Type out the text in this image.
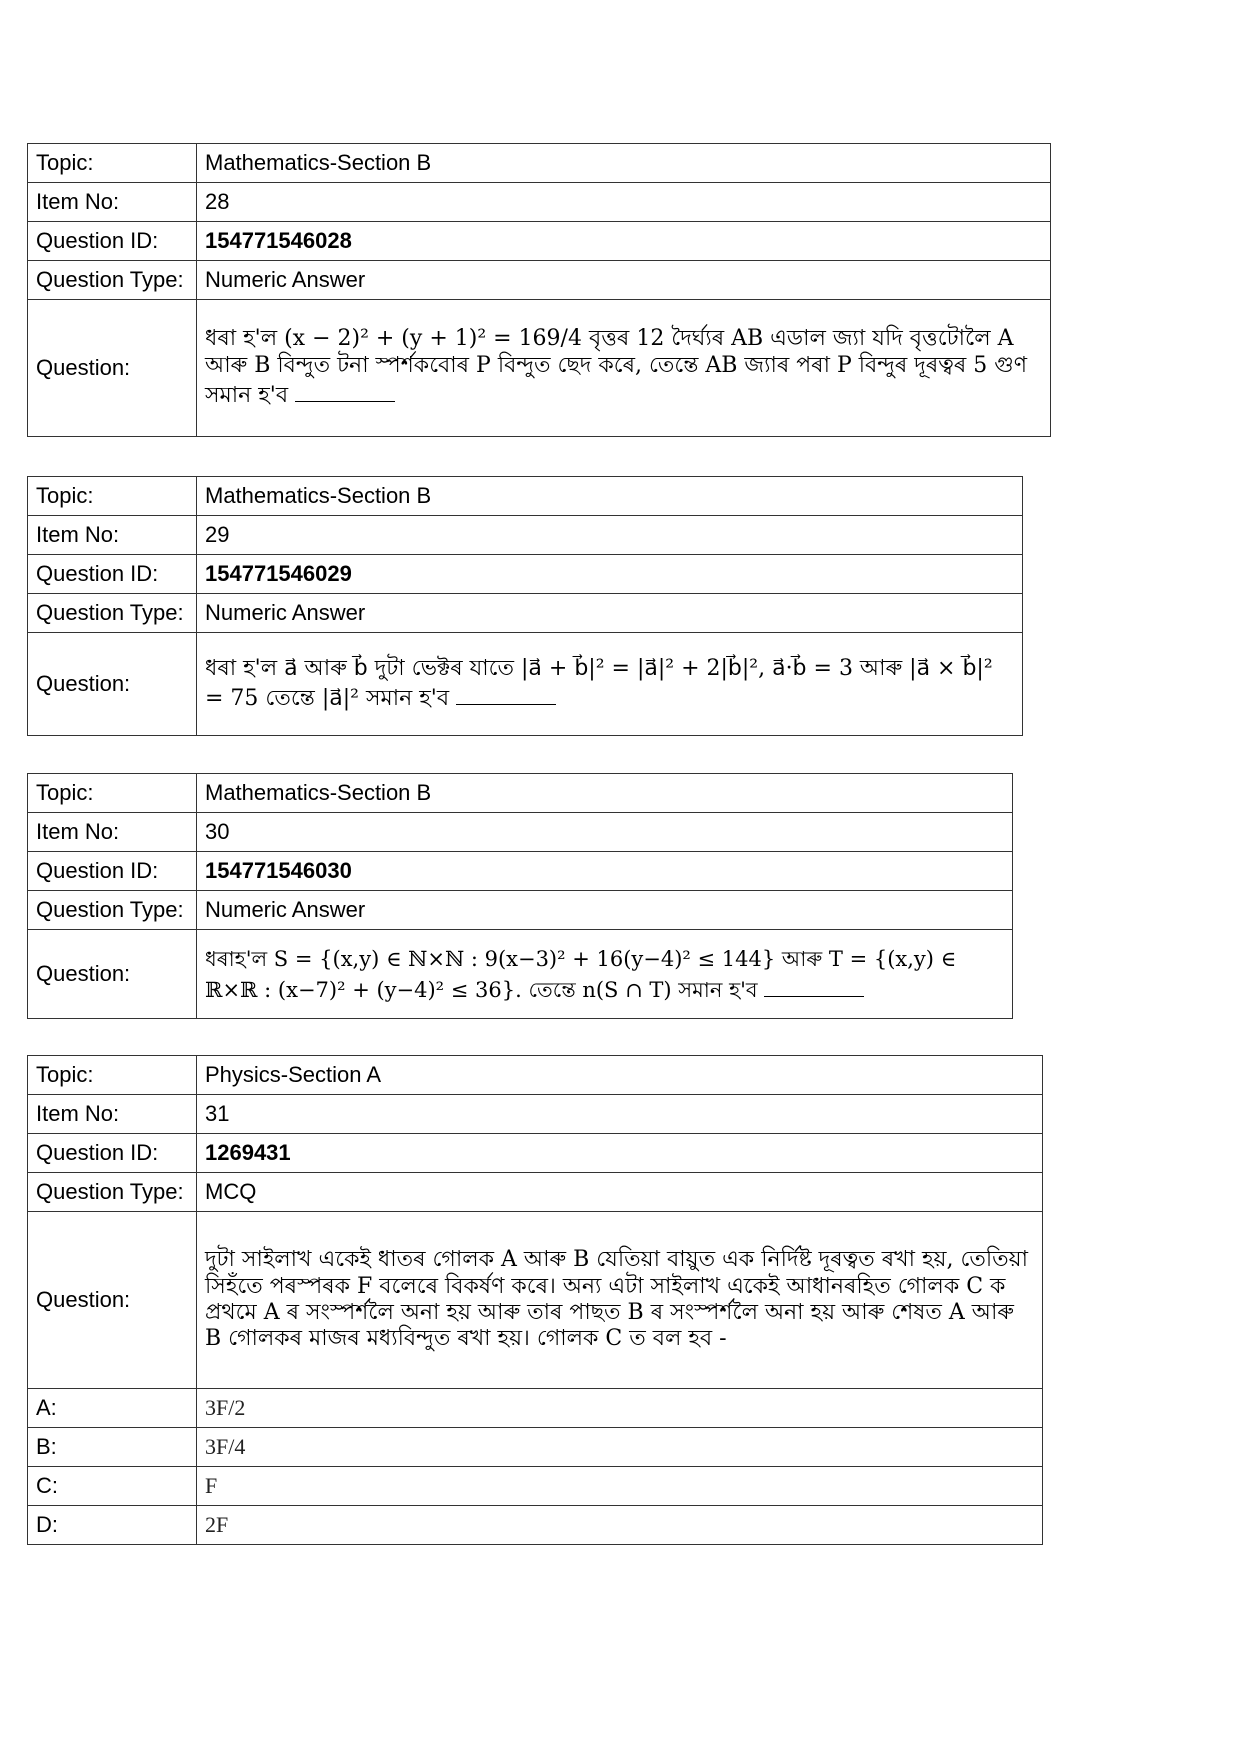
Topic:	Mathematics-Section B
Item No:	28
Question ID:	154771546028
Question Type:	Numeric Answer
Question:	ধৰা হ'ল (x − 2)² + (y + 1)² = 169/4 বৃত্তৰ 12 দৈৰ্ঘ্যৰ AB এডাল জ্যা যদি বৃত্তটোলৈ A আৰু B বিন্দুত টনা স্পৰ্শকবোৰ P বিন্দুত ছেদ কৰে, তেন্তে AB জ্যাৰ পৰা P বিন্দুৰ দূৰত্বৰ 5 গুণ সমান হ'ব
Topic:	Mathematics-Section B
Item No:	29
Question ID:	154771546029
Question Type:	Numeric Answer
Question:	ধৰা হ'ল a⃗ আৰু b⃗ দুটা ভেক্টৰ যাতে |a⃗ + b⃗|² = |a⃗|² + 2|b⃗|², a⃗·b⃗ = 3 আৰু |a⃗ × b⃗|² = 75 তেন্তে |a⃗|² সমান হ'ব
Topic:	Mathematics-Section B
Item No:	30
Question ID:	154771546030
Question Type:	Numeric Answer
Question:	ধৰাহ'ল S = {(x,y) ∈ ℕ×ℕ : 9(x−3)² + 16(y−4)² ≤ 144} আৰু T = {(x,y) ∈ ℝ×ℝ : (x−7)² + (y−4)² ≤ 36}. তেন্তে n(S ∩ T) সমান হ'ব
Topic:	Physics-Section A
Item No:	31
Question ID:	1269431
Question Type:	MCQ
Question:	দুটা সাইলাখ একেই ধাতৰ গোলক A আৰু B যেতিয়া বায়ুত এক নিৰ্দিষ্ট দূৰত্বত ৰখা হয়, তেতিয়া সিহঁতে পৰস্পৰক F বলেৰে বিকৰ্ষণ কৰে। অন্য এটা সাইলাখ একেই আধানৰহিত গোলক C ক প্ৰথমে A ৰ সংস্পৰ্শলৈ অনা হয় আৰু তাৰ পাছত B ৰ সংস্পৰ্শলৈ অনা হয় আৰু শেষত A আৰু B গোলকৰ মাজৰ মধ্যবিন্দুত ৰখা হয়। গোলক C ত বল হব -
A:	3F/2
B:	3F/4
C:	F
D:	2F
